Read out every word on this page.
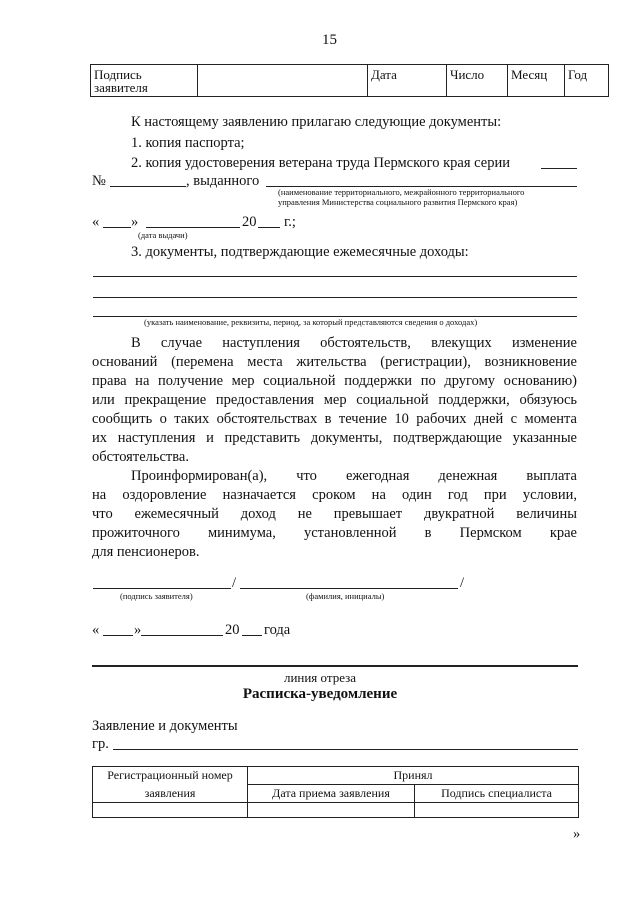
15
Подпись заявителя		Дата	Число	Месяц	Год
К настоящему заявлению прилагаю следующие документы:
1. копия паспорта;
2. копия удостоверения ветерана труда Пермского края серии
№	, выданного
(наименование территориального, межрайонного территориального
управления Министерства социального развития Пермского края)
« »	20 г.;
(дата выдачи)
3. документы, подтверждающие ежемесячные доходы:
(указать наименование, реквизиты, период, за который представляются сведения о доходах)
В случае наступления обстоятельств, влекущих изменение
оснований (перемена места жительства (регистрации), возникновение
права на получение мер социальной поддержки по другому основанию)
или прекращение предоставления мер социальной поддержки, обязуюсь
сообщить о таких обстоятельствах в течение 10 рабочих дней с момента
их наступления и представить документы, подтверждающие указанные
обстоятельства.
Проинформирован(а), что ежегодная денежная выплата
на оздоровление назначается сроком на один год при условии,
что ежемесячный доход не превышает двукратной величины
прожиточного минимума, установленной в Пермском крае
для пенсионеров.
/	/
(подпись заявителя)	(фамилия, инициалы)
« »	20 года
линия отреза
Расписка-уведомление
Заявление и документы
гр.
Регистрационный номер	Принял	
заявления	Дата приема заявления	Подпись специалиста

»
